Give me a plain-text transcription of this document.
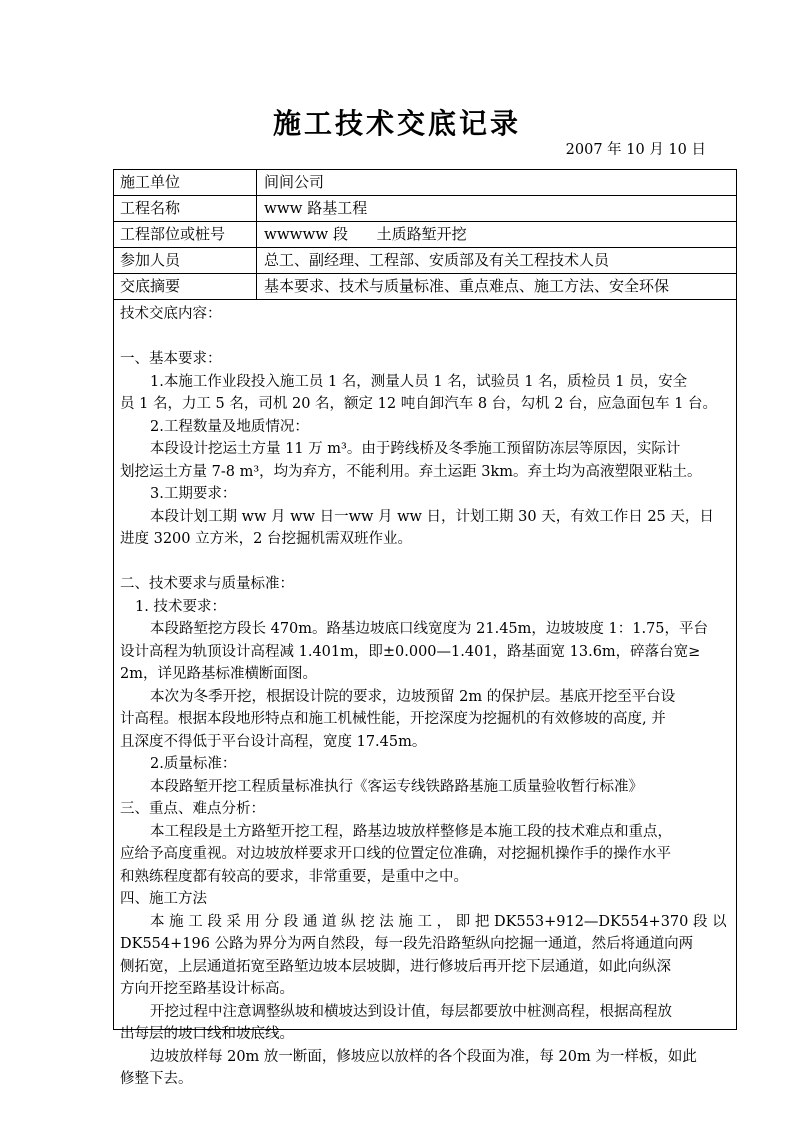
施工技术交底记录
2007 年 10 月 10 日
施工单位	间间公司
工程名称	www 路基工程
工程部位或桩号	wwwww 段      土质路堑开挖
参加人员	总工、副经理、工程部、安质部及有关工程技术人员
交底摘要	基本要求、技术与质量标准、重点难点、施工方法、安全环保

技术交底内容：

一、基本要求：

1.本施工作业段投入施工员 1 名，测量人员 1 名，试验员 1 名，质检员 1 员，安全

员 1 名，力工 5 名，司机 20 名，额定 12 吨自卸汽车 8 台，勾机 2 台，应急面包车 1 台。

2.工程数量及地质情况：

本段设计挖运土方量 11 万 m³。由于跨线桥及冬季施工预留防冻层等原因，实际计

划挖运土方量 7-8 m³，均为弃方，不能利用。弃土运距 3km。弃土均为高液塑限亚粘土。

3.工期要求：

本段计划工期 ww 月 ww 日一ww 月 ww 日，计划工期 30 天，有效工作日 25 天，日

进度 3200 立方米，2 台挖掘机需双班作业。

二、技术要求与质量标准：

1. 技术要求：

本段路堑挖方段长 470m。路基边坡底口线宽度为 21.45m，边坡坡度 1：1.75，平台

设计高程为轨顶设计高程减 1.401m，即±0.000—1.401，路基面宽 13.6m，碎落台宽≥

2m，详见路基标准横断面图。

本次为冬季开挖，根据设计院的要求，边坡预留 2m 的保护层。基底开挖至平台设

计高程。根据本段地形特点和施工机械性能，开挖深度为挖掘机的有效修坡的高度, 并

且深度不得低于平台设计高程，宽度 17.45m。

2.质量标准：

本段路堑开挖工程质量标准执行《客运专线铁路路基施工质量验收暂行标准》

三、重点、难点分析：

本工程段是土方路堑开挖工程，路基边坡放样整修是本施工段的技术难点和重点，

应给予高度重视。对边坡放样要求开口线的位置定位准确，对挖掘机操作手的操作水平

和熟练程度都有较高的要求，非常重要，是重中之中。

四、施工方法

本 施 工 段 采 用 分 段 通 道 纵 挖 法 施 工 ， 即 把 DK553+912—DK554+370 段 以

DK554+196 公路为界分为两自然段，每一段先沿路堑纵向挖掘一通道，然后将通道向两

侧拓宽，上层通道拓宽至路堑边坡本层坡脚，进行修坡后再开挖下层通道，如此向纵深

方向开挖至路基设计标高。

开挖过程中注意调整纵坡和横坡达到设计值，每层都要放中桩测高程，根据高程放

出每层的坡口线和坡底线。

边坡放样每 20m 放一断面，修坡应以放样的各个段面为准，每 20m 为一样板，如此

修整下去。
